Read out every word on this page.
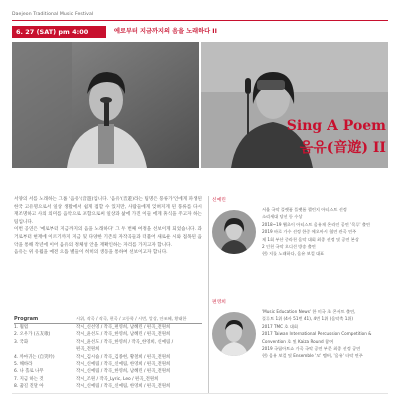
Daejeon Traditional Music Festival
6. 27 (SAT) pm 4:00	에로부터 지금까지의 음을 노래하다 II
Sing A Poem
음유(音遊) II

서양의 서를 노래하는 그룹 '음유'(音遊)입니다. '음유'(音遊)라는 팀명은 풍류가'인에게 파생된 한국 고유명으로서 일상 생활에서 쉽게 접할 수 있지만, 사람들에게 잊혀지게 된 풍류를 다시 재조명하고 사의 의미를 음악으로 포함으로써 일상과 삶에 가진 이들 에게 휴식을 주고자 하는 팀입니다.

이번 공연은 '예로부터 지금까지의 음을 노래하다' 그 두 번째 여정을 선보이게 되었습니다. 과거로부터 현재에 이르기까지 지금 및 다양한 기존의 자작곡들과 더불어 새로운 시와 접목된 음악을 통해 작년에 이어 음유의 정체성 안을 재확인하는 자리를 가지고자 합니다.

음유는 위 유월을 예전 으뜸 별들이 히히의 생동을 통하여 선보이고자 합니다.

신예린
서울 국악 플랫폼 플랫폼 챌린지 아티스트 선정
소리세대 당선 등 수상
2018~19 웹초이 아티스트 음유재 온라인 공연 '목루' 출연
2019 바로 가수 선정 한중 에오아시 협연 관곡 연주
제 1회 부산 중라천 음악 대회 최종 선정 및 공연 본상
2 인천 국악 오디션 방송 출연
현) 저를 노래하다, 음유 보컬 대표
편영희
'Music Education News' 한 미국 초 콘서트 출연,
플루트 1위 (4사 51번 41), 4번 1위 (음악축 1위)
2017 TMC 호 대회
2017 Taiwan International Percussion Competition &
Convention 호 및 Kaiza Round 참여
2019 국립아트쇼 가곡 국악 공연 부문 최종 선정 공연
현) 음유 보컬 및 Ensemble '모' 멤버, '음유' 타악 연주
Program	시위, 작곡 / 작곡, 편곡 / 고등학 / 시번, 앙상, 안조혜, 황태한
1. 월엽	작시_신선영 / 작곡_편영희, 남혜린 / 편곡_전원희
2. 오우가 (五友歌)	작시_윤선도 / 작곡_한영희, 남혜린 / 편곡_전원희
3. 국화	작시_윤선도 / 작곡_한영희 / 작곡_한영희, 신예림 /
편곡_전원희
4. 까마귀는 (自笑吟)	작시_김시습 / 작곡_김종현, 황철희 / 편곡_전원희
5. 해바라	작시_신예림 / 작곡_신예림, 한영희 / 편곡_전원희
6. 나 홀로 나무	작시_신예림 / 작곡_한영희, 남혜린 / 편곡_전원희
7. 지금 하는 것	작시_조원 / 작곡_Lyric, Leo / 편곡_전원희
8. 꿈길 진달 아	작시_신예림 / 작곡_신예림, 한영희 / 편곡_전원희
